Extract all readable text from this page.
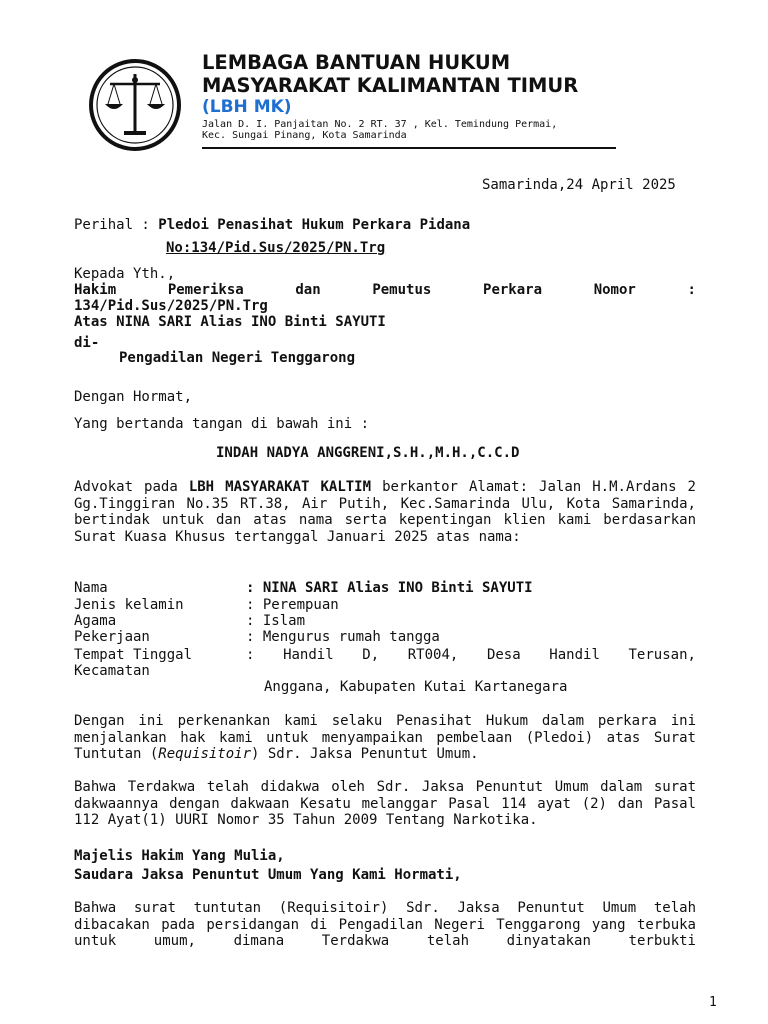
LEMBAGA BANTUAN HUKUM
MASYARAKAT KALIMANTAN TIMUR
(LBH MK)
Jalan D. I. Panjaitan No. 2 RT. 37 , Kel. Temindung Permai,
Kec. Sungai Pinang, Kota Samarinda
Samarinda,24 April 2025
Perihal : Pledoi Penasihat Hukum Perkara Pidana
No:134/Pid.Sus/2025/PN.Trg
Kepada Yth.,
Hakim	Pemeriksa	dan	Pemutus	Perkara	Nomor	:
134/Pid.Sus/2025/PN.Trg
Atas NINA SARI Alias INO Binti SAYUTI
di-
Pengadilan Negeri Tenggarong
Dengan Hormat,
Yang bertanda tangan di bawah ini :
INDAH NADYA ANGGRENI,S.H.,M.H.,C.C.D
Advokat pada LBH MASYARAKAT KALTIM berkantor Alamat: Jalan H.M.Ardans 2 Gg.Tinggiran No.35 RT.38, Air Putih, Kec.Samarinda Ulu, Kota Samarinda, bertindak untuk dan atas nama serta kepentingan klien kami berdasarkan Surat Kuasa Khusus tertanggal Januari 2025 atas nama:
Nama	: NINA SARI Alias INO Binti SAYUTI
Jenis kelamin	: Perempuan
Agama	: Islam
Pekerjaan	: Mengurus rumah tangga
Tempat Tinggal	: Handil D, RT004, Desa Handil Terusan,
Kecamatan
Anggana, Kabupaten Kutai Kartanegara
Dengan ini perkenankan kami selaku Penasihat Hukum dalam perkara ini menjalankan hak kami untuk menyampaikan pembelaan (Pledoi) atas Surat Tuntutan (Requisitoir) Sdr. Jaksa Penuntut Umum.
Bahwa Terdakwa telah didakwa oleh Sdr. Jaksa Penuntut Umum dalam surat dakwaannya dengan dakwaan Kesatu melanggar Pasal 114 ayat (2) dan Pasal 112 Ayat(1) UURI Nomor 35 Tahun 2009 Tentang Narkotika.
Majelis Hakim Yang Mulia,
Saudara Jaksa Penuntut Umum Yang Kami Hormati,
Bahwa surat tuntutan (Requisitoir) Sdr. Jaksa Penuntut Umum telah dibacakan pada persidangan di Pengadilan Negeri Tenggarong yang terbuka untuk umum, dimana Terdakwa telah dinyatakan terbukti
1
